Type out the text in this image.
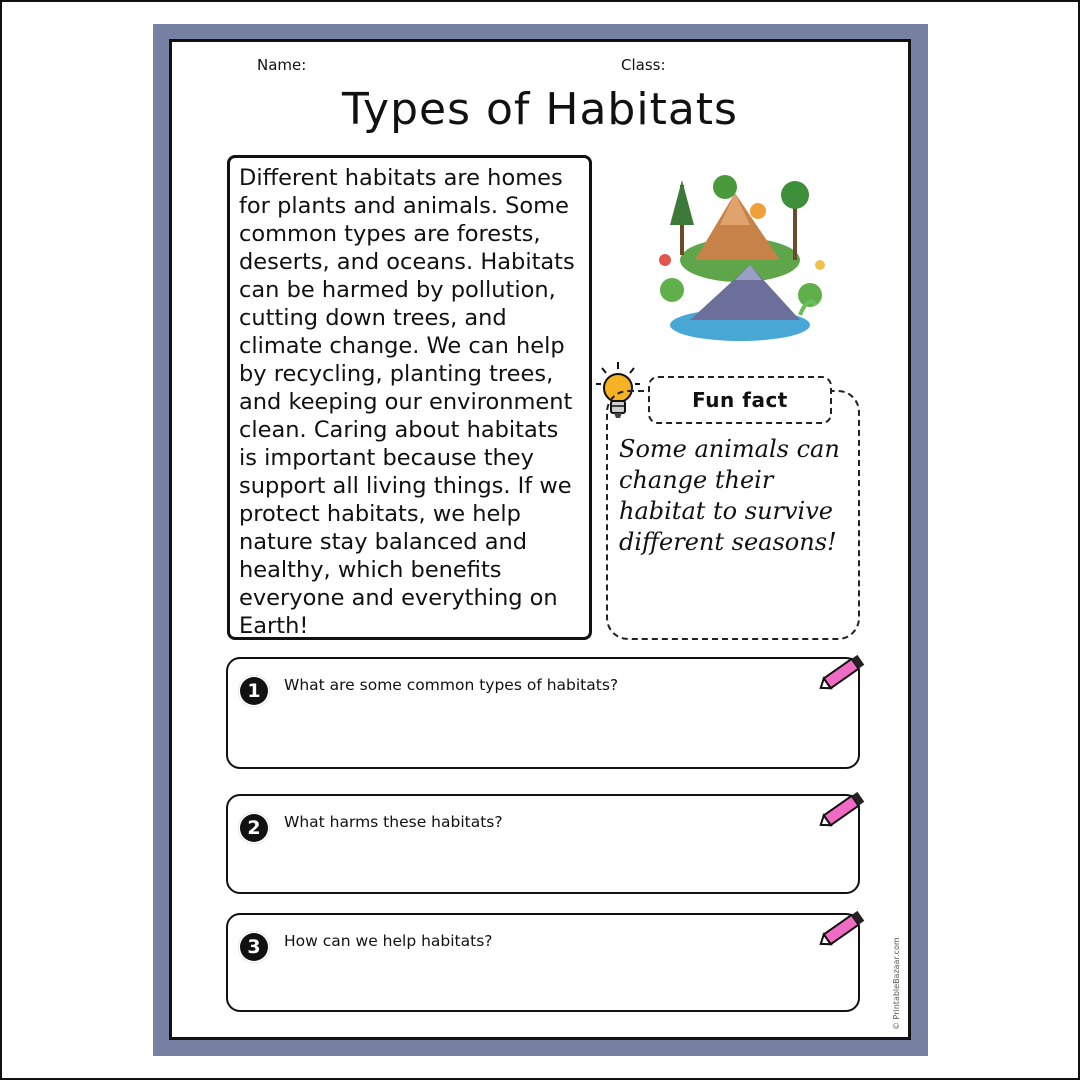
Name:	Class:
Types of Habitats
Different habitats are homes for plants and animals. Some common types are forests, deserts, and oceans. Habitats can be harmed by pollution, cutting down trees, and climate change. We can help by recycling, planting trees, and keeping our environment clean. Caring about habitats is important because they support all living things. If we protect habitats, we help nature stay balanced and healthy, which benefits everyone and everything on Earth!
Fun fact
Some animals can change their habitat to survive different seasons!
1	What are some common types of habitats?
2	What harms these habitats?
3	How can we help habitats?	© PrintableBazaar.com
